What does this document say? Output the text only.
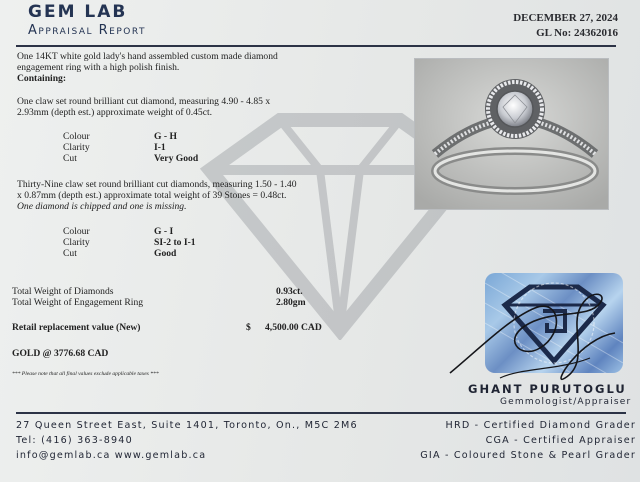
GEM LAB
Appraisal Report
DECEMBER 27, 2024
GL No: 24362016
One 14KT white gold lady's hand assembled custom made diamond
engagement ring with a high polish finish.
Containing:
One claw set round brilliant cut diamond, measuring 4.90 - 4.85 x
2.93mm (depth est.) approximate weight of 0.45ct.
Colour	G - H
Clarity	I-1
Cut	Very Good
Thirty-Nine claw set round brilliant cut diamonds, measuring 1.50 - 1.40
x 0.87mm (depth est.) approximate total weight of 39 Stones = 0.48ct.
One diamond is chipped and one is missing.
Colour	G - I
Clarity	SI-2 to I-1
Cut	Good
Total Weight of Diamonds	0.93ct.
Total Weight of Engagement Ring	2.80gm
Retail replacement value (New)	$ 4,500.00 CAD
GOLD @ 3776.68 CAD
*** Please note that all final values exclude applicable taxes ***
GHANT PURUTOGLU
Gemmologist/Appraiser
27 Queen Street East, Suite 1401, Toronto, On., M5C 2M6
Tel: (416) 363-8940
info@gemlab.ca www.gemlab.ca
HRD - Certified Diamond Grader
CGA - Certified Appraiser
GIA - Coloured Stone & Pearl Grader
